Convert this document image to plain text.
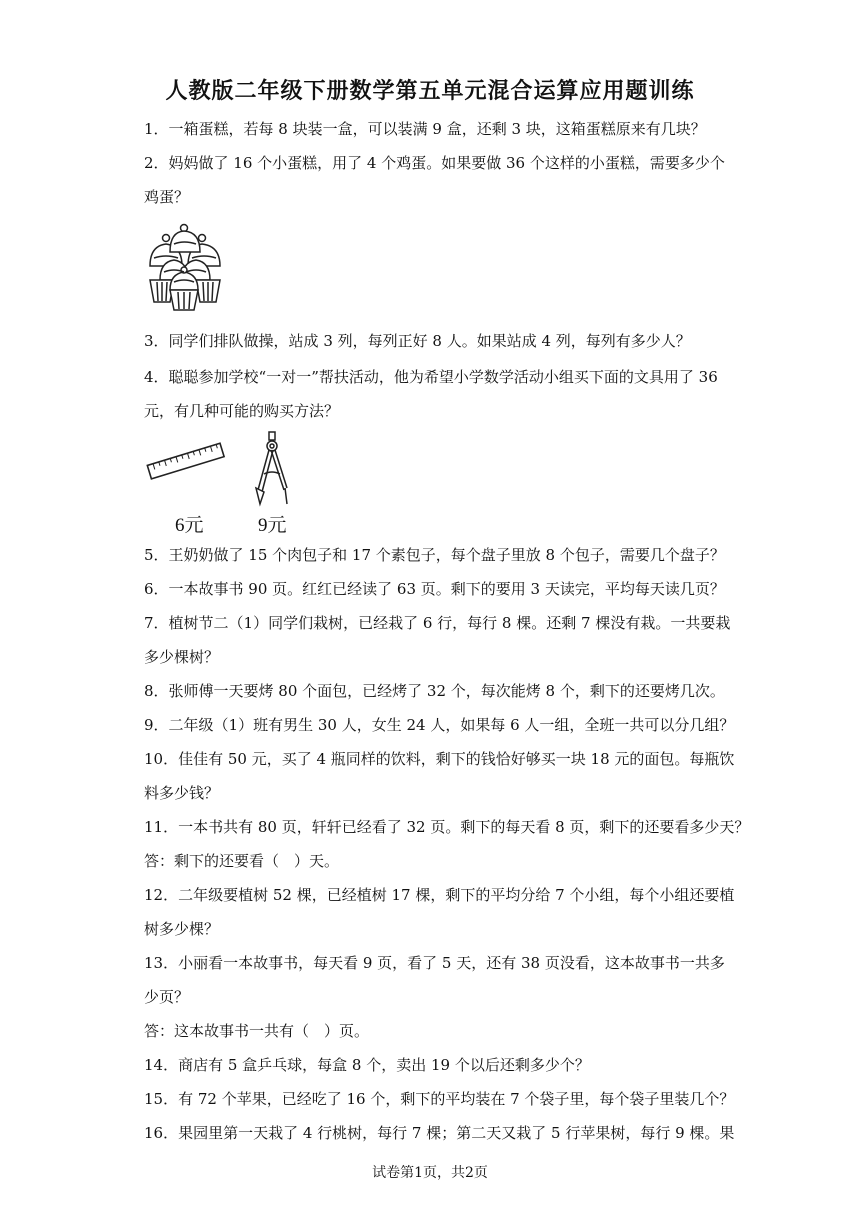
人教版二年级下册数学第五单元混合运算应用题训练
1．一箱蛋糕，若每 8 块装一盒，可以装满 9 盒，还剩 3 块，这箱蛋糕原来有几块？
2．妈妈做了 16 个小蛋糕，用了 4 个鸡蛋。如果要做 36 个这样的小蛋糕，需要多少个
鸡蛋？
3．同学们排队做操，站成 3 列，每列正好 8 人。如果站成 4 列，每列有多少人？
4．聪聪参加学校“一对一”帮扶活动，他为希望小学数学活动小组买下面的文具用了 36
元，有几种可能的购买方法？
6元	9元
5．王奶奶做了 15 个肉包子和 17 个素包子，每个盘子里放 8 个包子，需要几个盘子？
6．一本故事书 90 页。红红已经读了 63 页。剩下的要用 3 天读完，平均每天读几页？
7．植树节二（1）同学们栽树，已经栽了 6 行，每行 8 棵。还剩 7 棵没有栽。一共要栽
多少棵树？
8．张师傅一天要烤 80 个面包，已经烤了 32 个，每次能烤 8 个，剩下的还要烤几次。
9．二年级（1）班有男生 30 人，女生 24 人，如果每 6 人一组，全班一共可以分几组？
10．佳佳有 50 元，买了 4 瓶同样的饮料，剩下的钱恰好够买一块 18 元的面包。每瓶饮
料多少钱？
11．一本书共有 80 页，轩轩已经看了 32 页。剩下的每天看 8 页，剩下的还要看多少天？
答：剩下的还要看（　）天。
12．二年级要植树 52 棵，已经植树 17 棵，剩下的平均分给 7 个小组，每个小组还要植
树多少棵？
13．小丽看一本故事书，每天看 9 页，看了 5 天，还有 38 页没看，这本故事书一共多
少页？
答：这本故事书一共有（　）页。
14．商店有 5 盒乒乓球，每盒 8 个，卖出 19 个以后还剩多少个？
15．有 72 个苹果，已经吃了 16 个，剩下的平均装在 7 个袋子里，每个袋子里装几个？
16．果园里第一天栽了 4 行桃树，每行 7 棵；第二天又栽了 5 行苹果树，每行 9 棵。果
试卷第1页，共2页
